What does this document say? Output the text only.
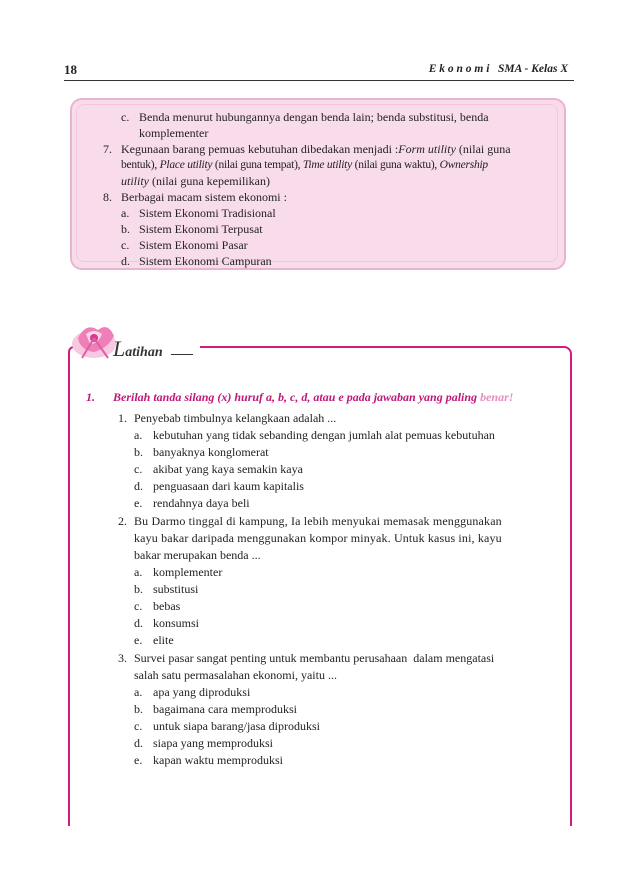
18	E k o n o m i   SMA - Kelas X
c. Benda menurut hubungannya dengan benda lain; benda substitusi, benda
komplementer
7. Kegunaan barang pemuas kebutuhan dibedakan menjadi :Form utility (nilai guna
bentuk), Place utility (nilai guna tempat), Time utility (nilai guna waktu), Ownership
utility (nilai guna kepemilikan)
8. Berbagai macam sistem ekonomi :
a. Sistem Ekonomi Tradisional
b. Sistem Ekonomi Terpusat
c. Sistem Ekonomi Pasar
d. Sistem Ekonomi Campuran
Latihan
1. Berilah tanda silang (x) huruf a, b, c, d, atau e pada jawaban yang paling benar!
1. Penyebab timbulnya kelangkaan adalah ...
a. kebutuhan yang tidak sebanding dengan jumlah alat pemuas kebutuhan
b. banyaknya konglomerat
c. akibat yang kaya semakin kaya
d. penguasaan dari kaum kapitalis
e. rendahnya daya beli
2. Bu Darmo tinggal di kampung, Ia lebih menyukai memasak menggunakan
kayu bakar daripada menggunakan kompor minyak. Untuk kasus ini, kayu
bakar merupakan benda ...
a. komplementer
b. substitusi
c. bebas
d. konsumsi
e. elite
3. Survei pasar sangat penting untuk membantu perusahaan  dalam mengatasi
salah satu permasalahan ekonomi, yaitu ...
a. apa yang diproduksi
b. bagaimana cara memproduksi
c. untuk siapa barang/jasa diproduksi
d. siapa yang memproduksi
e. kapan waktu memproduksi
